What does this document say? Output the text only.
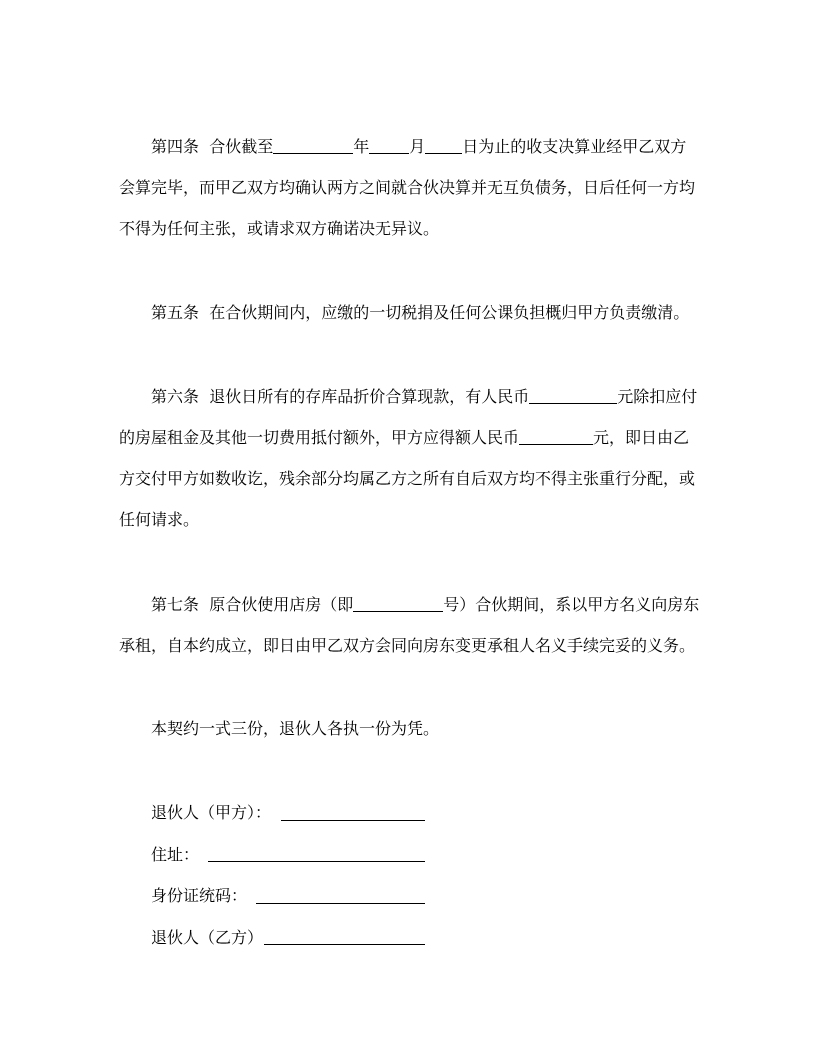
第四条 合伙截至	年	月 日为止的收支决算业经甲乙双方
会算完毕，而甲乙双方均确认两方之间就合伙决算并无互负债务，日后任何一方均
不得为任何主张，或请求双方确诺决无异议。
第五条 在合伙期间内，应缴的一切税捐及任何公课负担概归甲方负责缴清。
第六条 退伙日所有的存库品折价合算现款，有人民币	元除扣应付
的房屋租金及其他一切费用抵付额外，甲方应得额人民币	元，即日由乙
方交付甲方如数收讫，残余部分均属乙方之所有自后双方均不得主张重行分配，或
任何请求。
第七条 原合伙使用店房（即	号）合伙期间，系以甲方名义向房东
承租，自本约成立，即日由甲乙双方会同向房东变更承租人名义手续完妥的义务。
本契约一式三份，退伙人各执一份为凭。
退伙人（甲方）：
住址：
身份证统码：
退伙人（乙方）
